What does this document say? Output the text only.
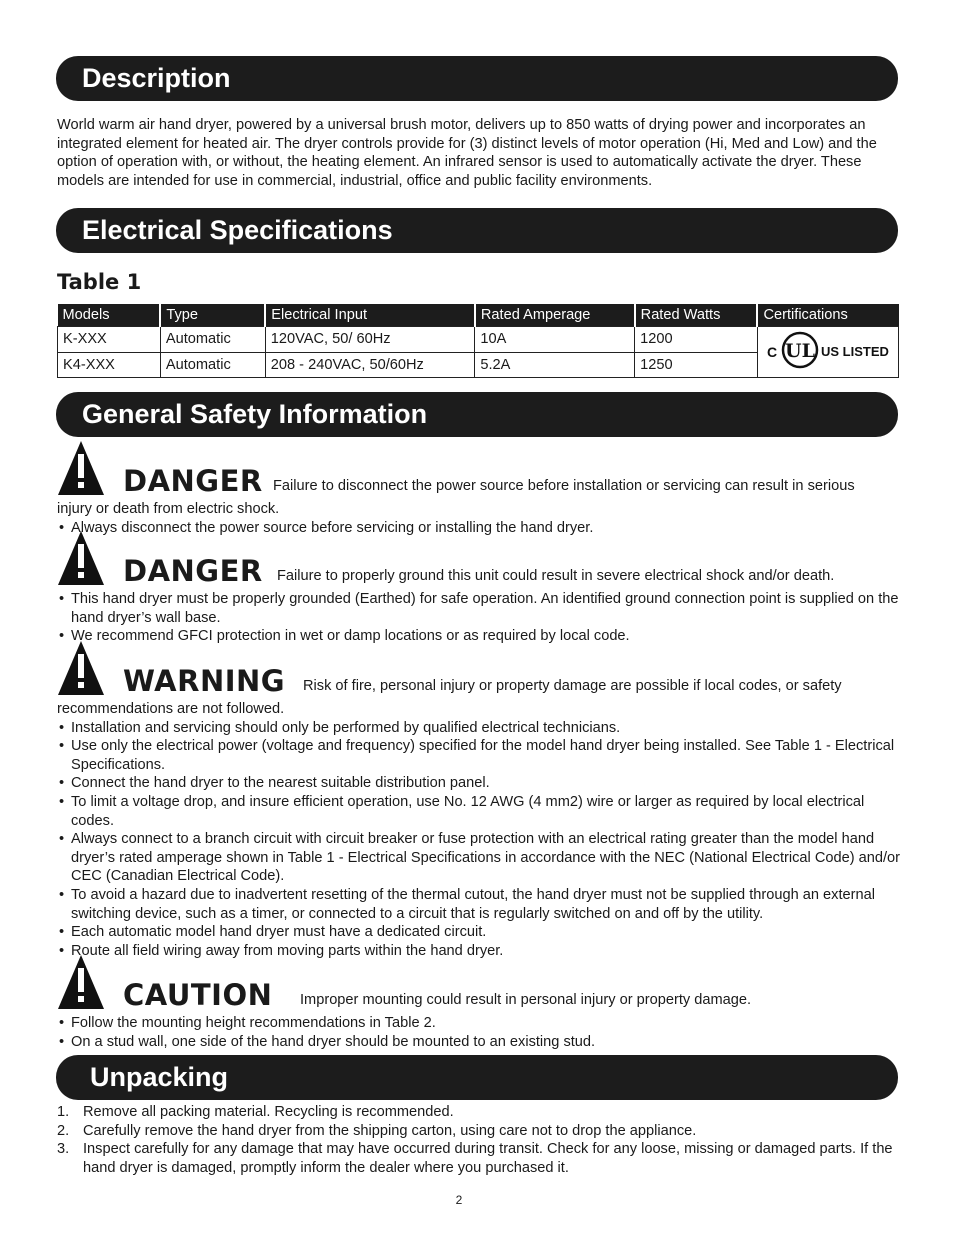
Description
World warm air hand dryer, powered by a universal brush motor, delivers up to 850 watts of drying power and incorporates an integrated element for heated air. The dryer controls provide for (3) distinct levels of motor operation (Hi, Med and Low) and the option of operation with, or without, the heating element. An infrared sensor is used to automatically activate the dryer. These models are intended for use in commercial, industrial, office and public facility environments.
Electrical Specifications
Table 1
Models	Type	Electrical Input	Rated Amperage	Rated Watts	Certifications
K-XXX	Automatic	120VAC, 50/ 60Hz	10A	1200	C UL US LISTED

K4-XXX	Automatic	208 - 240VAC, 50/60Hz	5.2A	1250	
General Safety Information
DANGER Failure to disconnect the power source before installation or servicing can result in serious
injury or death from electric shock.
• Always disconnect the power source before servicing or installing the hand dryer.
DANGER Failure to properly ground this unit could result in severe electrical shock and/or death.
• This hand dryer must be properly grounded (Earthed) for safe operation. An identified ground connection point is supplied on the hand dryer’s wall base.
• We recommend GFCI protection in wet or damp locations or as required by local code.
WARNING Risk of fire, personal injury or property damage are possible if local codes, or safety
recommendations are not followed.
• Installation and servicing should only be performed by qualified electrical technicians.
• Use only the electrical power (voltage and frequency) specified for the model hand dryer being installed. See Table 1 - Electrical Specifications.
• Connect the hand dryer to the nearest suitable distribution panel.
• To limit a voltage drop, and insure efficient operation, use No. 12 AWG (4 mm2) wire or larger as required by local electrical codes.
• Always connect to a branch circuit with circuit breaker or fuse protection with an electrical rating greater than the model hand dryer’s rated amperage shown in Table 1 - Electrical Specifications in accordance with the NEC (National Electrical Code) and/or CEC (Canadian Electrical Code).
• To avoid a hazard due to inadvertent resetting of the thermal cutout, the hand dryer must not be supplied through an external switching device, such as a timer, or connected to a circuit that is regularly switched on and off by the utility.
• Each automatic model hand dryer must have a dedicated circuit.
• Route all field wiring away from moving parts within the hand dryer.
CAUTION Improper mounting could result in personal injury or property damage.
• Follow the mounting height recommendations in Table 2.
• On a stud wall, one side of the hand dryer should be mounted to an existing stud.
Unpacking
1. Remove all packing material. Recycling is recommended.
2. Carefully remove the hand dryer from the shipping carton, using care not to drop the appliance.
3. Inspect carefully for any damage that may have occurred during transit. Check for any loose, missing or damaged parts. If the hand dryer is damaged, promptly inform the dealer where you purchased it.
2
